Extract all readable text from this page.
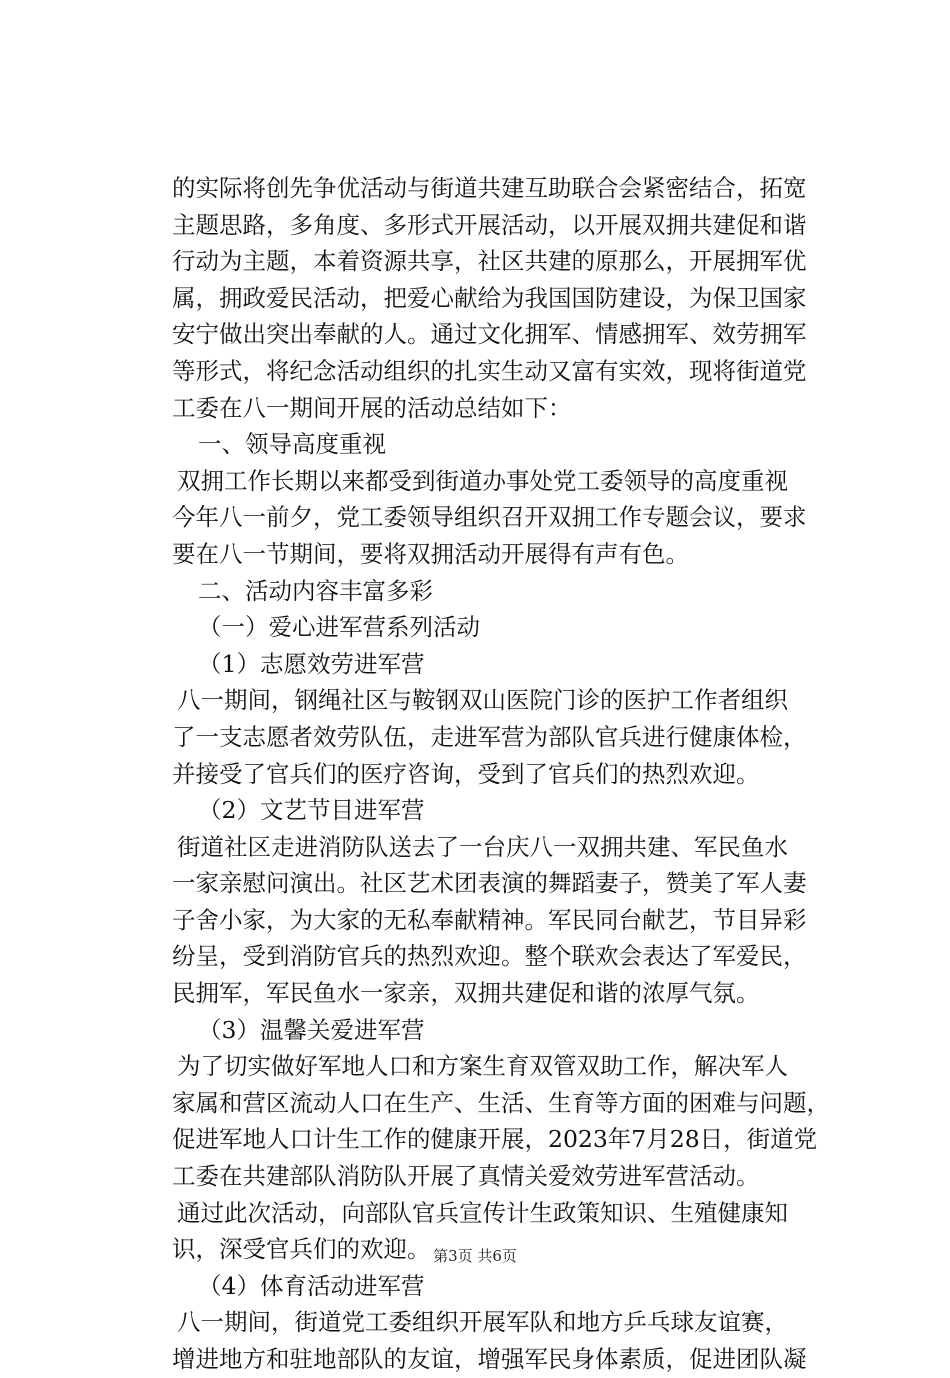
的实际将创先争优活动与街道共建互助联合会紧密结合，拓宽
主题思路，多角度、多形式开展活动，以开展双拥共建促和谐
行动为主题，本着资源共享，社区共建的原那么，开展拥军优
属，拥政爱民活动，把爱心献给为我国国防建设，为保卫国家
安宁做出突出奉献的人。通过文化拥军、情感拥军、效劳拥军
等形式，将纪念活动组织的扎实生动又富有实效，现将街道党
工委在八一期间开展的活动总结如下：
一、领导高度重视
双拥工作长期以来都受到街道办事处党工委领导的高度重视
今年八一前夕，党工委领导组织召开双拥工作专题会议，要求
要在八一节期间，要将双拥活动开展得有声有色。
二、活动内容丰富多彩
（一）爱心进军营系列活动
（1）志愿效劳进军营
八一期间，钢绳社区与鞍钢双山医院门诊的医护工作者组织
了一支志愿者效劳队伍，走进军营为部队官兵进行健康体检，
并接受了官兵们的医疗咨询，受到了官兵们的热烈欢迎。
（2）文艺节目进军营
街道社区走进消防队送去了一台庆八一双拥共建、军民鱼水
一家亲慰问演出。社区艺术团表演的舞蹈妻子，赞美了军人妻
子舍小家，为大家的无私奉献精神。军民同台献艺，节目异彩
纷呈，受到消防官兵的热烈欢迎。整个联欢会表达了军爱民，
民拥军，军民鱼水一家亲，双拥共建促和谐的浓厚气氛。
（3）温馨关爱进军营
为了切实做好军地人口和方案生育双管双助工作，解决军人
家属和营区流动人口在生产、生活、生育等方面的困难与问题，
促进军地人口计生工作的健康开展，2023年7月28日，街道党
工委在共建部队消防队开展了真情关爱效劳进军营活动。
通过此次活动，向部队官兵宣传计生政策知识、生殖健康知
识，深受官兵们的欢迎。
（4）体育活动进军营
八一期间，街道党工委组织开展军队和地方乒乓球友谊赛，
增进地方和驻地部队的友谊，增强军民身体素质，促进团队凝
第3页 共6页
